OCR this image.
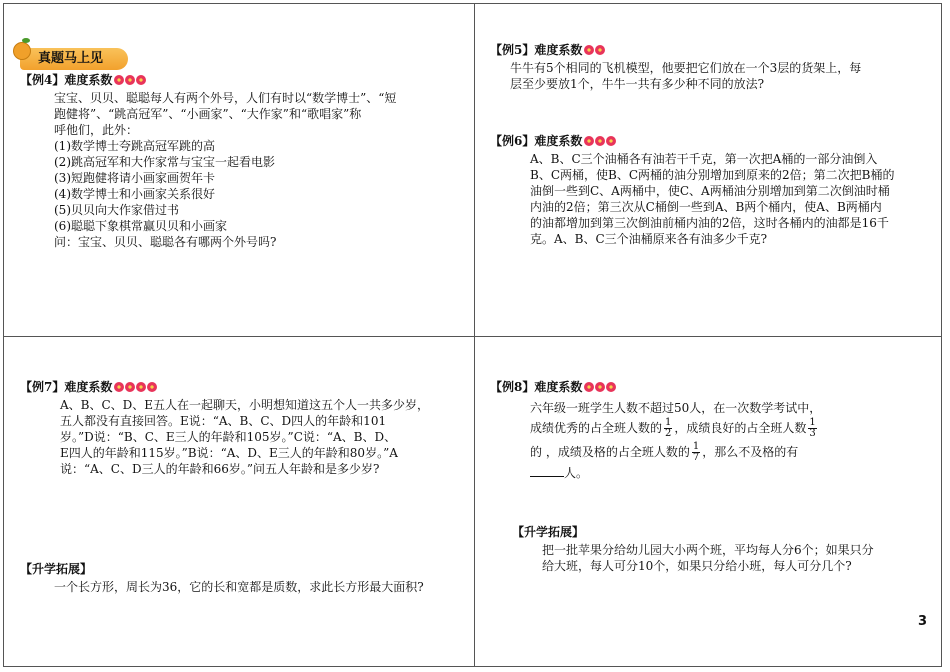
真题马上见
【例4】 难度系数

宝宝、贝贝、聪聪每人有两个外号，人们有时以“数学博士”、“短

跑健将”、“跳高冠军”、“小画家”、“大作家”和“歌唱家”称

呼他们，此外：

(1)数学博士夸跳高冠军跳的高

(2)跳高冠军和大作家常与宝宝一起看电影

(3)短跑健将请小画家画贺年卡

(4)数学博士和小画家关系很好

(5)贝贝向大作家借过书

(6)聪聪下象棋常赢贝贝和小画家

问：宝宝、贝贝、聪聪各有哪两个外号吗?

【例5】 难度系数

牛牛有5个相同的飞机模型，他要把它们放在一个3层的货架上，每

层至少要放1个，牛牛一共有多少种不同的放法?

【例6】 难度系数

A、B、C三个油桶各有油若干千克，第一次把A桶的一部分油倒入

B、C两桶，使B、C两桶的油分别增加到原来的2倍；第二次把B桶的

油倒一些到C、A两桶中，使C、A两桶油分别增加到第二次倒油时桶

内油的2倍；第三次从C桶倒一些到A、B两个桶内，使A、B两桶内

的油都增加到第三次倒油前桶内油的2倍，这时各桶内的油都是16千

克。A、B、C三个油桶原来各有油多少千克?

【例7】 难度系数

A、B、C、D、E五人在一起聊天，小明想知道这五个人一共多少岁，

五人都没有直接回答。E说：“A、B、C、D四人的年龄和101

岁。”D说：“B、C、E三人的年龄和105岁。”C说：“A、B、D、

E四人的年龄和115岁。”B说：“A、D、E三人的年龄和80岁。”A

说：“A、C、D三人的年龄和66岁。”问五人年龄和是多少岁?

【升学拓展】

一个长方形，周长为36，它的长和宽都是质数，求此长方形最大面积?

【例8】 难度系数

六年级一班学生人数不超过50人，在一次数学考试中，

成绩优秀的占全班人数的 $\frac{1}{2}$ ，成绩良好的占全班人数 $\frac{1}{3}$

的 ，成绩及格的占全班人数的 $\frac{1}{7}$ ，那么不及格的有

人。

【升学拓展】

把一批苹果分给幼儿园大小两个班，平均每人分6个；如果只分

给大班，每人可分10个，如果只分给小班，每人可分几个?

3
